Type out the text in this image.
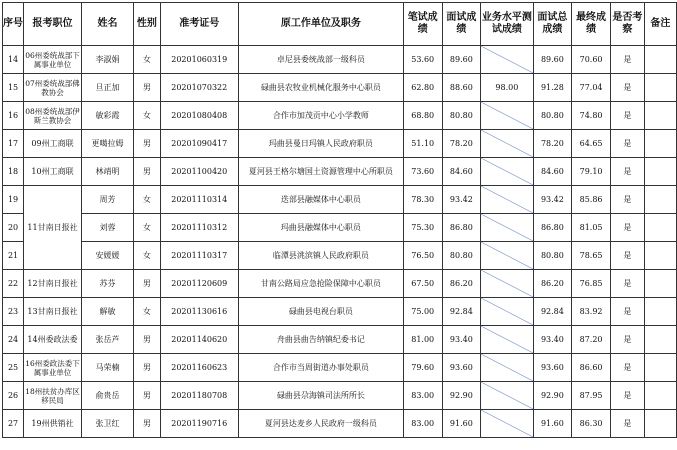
序号	报考职位	姓名	性别	准考证号	原工作单位及职务	笔试成绩	面试成绩	业务水平测试成绩	面试总成绩	最终成绩	是否考察	备注
14	06州委统战部下属事业单位	李淑娟	女	20201060319	卓尼县委统战部一级科员	53.60	89.60		89.60	70.60	是	
15	07州委统战部佛教协会	旦正加	男	20201070322	碌曲县农牧业机械化服务中心职员	62.80	88.60	98.00	91.28	77.04	是	
16	08州委统战部伊斯兰教协会	敏彩霞	女	20201080408	合作市加茂贡中心小学教师	68.80	80.80		80.80	74.80	是	
17	09州工商联	更噶拉姆	男	20201090417	玛曲县曼日玛镇人民政府职员	51.10	78.20		78.20	64.65	是	
18	10州工商联	林靖明	男	20201100420	夏河县王格尔塘国土资源管理中心所职员	73.60	84.60		84.60	79.10	是	
19	11甘南日报社	周芳	女	20201110314	迭部县融媒体中心职员	78.30	93.42		93.42	85.86	是	
20		刘蓉	女	20201110312	玛曲县融媒体中心职员	75.30	86.80		86.80	81.05	是	
21		安媛媛	女	20201110317	临潭县洮滨镇人民政府职员	76.50	80.80		80.80	78.65	是	
22	12甘南日报社	苏芬	男	20201120609	甘南公路局应急抢险保障中心职员	67.50	86.20		86.20	76.85	是	
23	13甘南日报社	解敏	女	20201130616	碌曲县电视台职员	75.00	92.84		92.84	83.92	是	
24	14州委政法委	张岳芦	男	20201140620	舟曲县曲告纳镇纪委书记	81.00	93.40		93.40	87.20	是	
25	16州委政法委下属事业单位	马荣楠	男	20201160623	合作市当周街道办事处职员	79.60	93.60		93.60	86.60	是	
26	18州扶贫办库区移民局	俞贵岳	男	20201180708	碌曲县尕海镇司法所所长	83.00	92.90		92.90	87.95	是	
27	19州供销社	张卫红	男	20201190716	夏河县达麦乡人民政府一级科员	83.00	91.60		91.60	86.30	是	
